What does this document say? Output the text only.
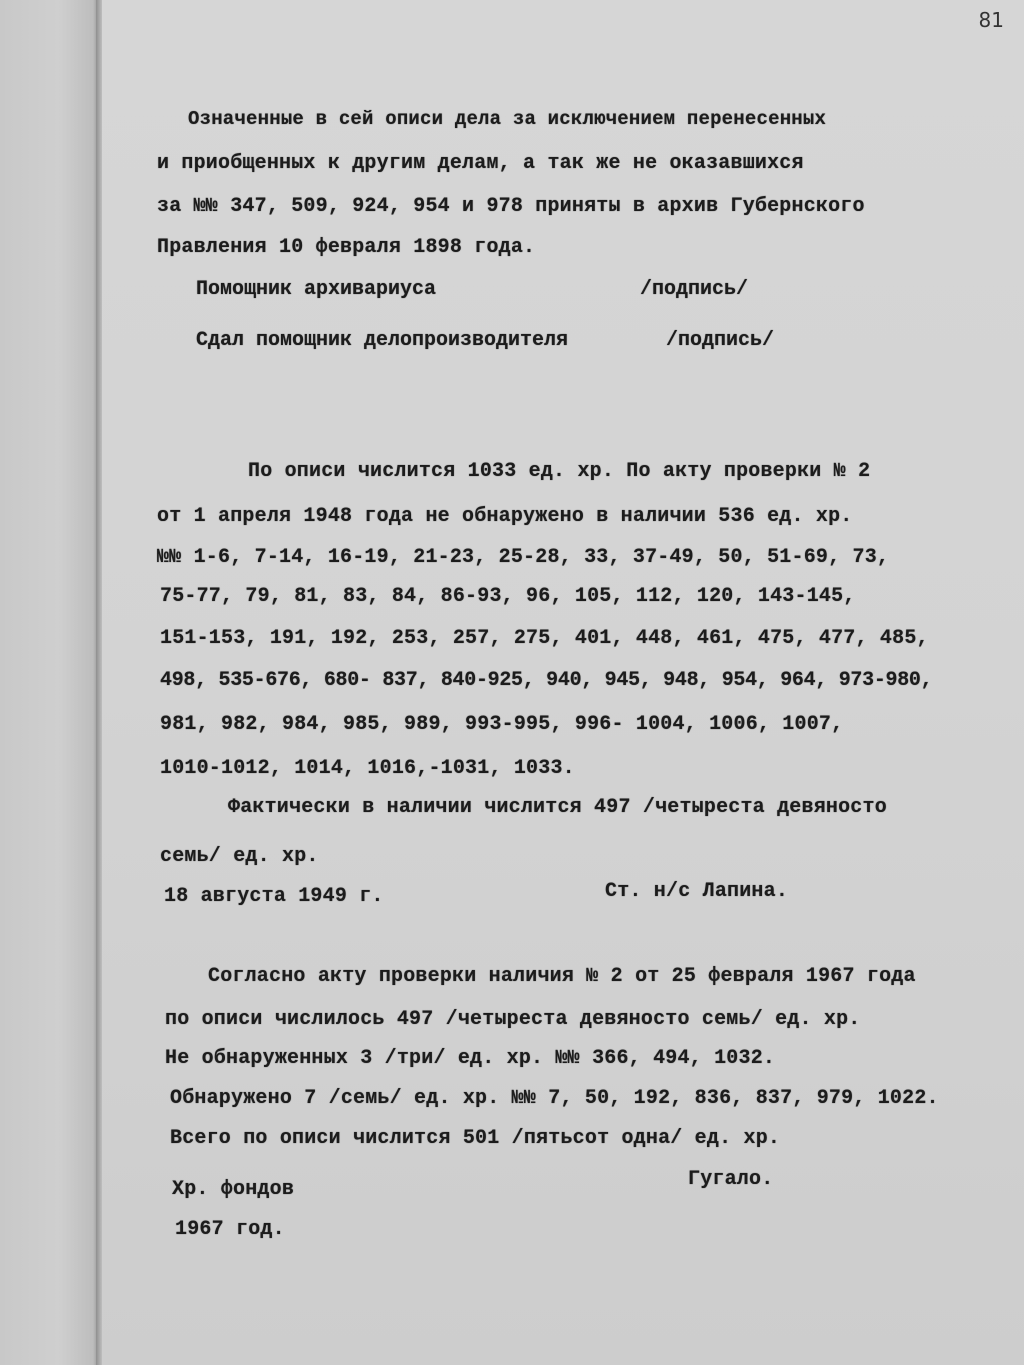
81
Означенные в сей описи дела за исключением перенесенных
и приобщенных к другим делам, а так же не оказавшихся
за №№ 347, 509, 924, 954 и 978 приняты в архив Губернского
Правления 10 февраля 1898 года.
Помощник архивариуса	/подпись/
Сдал помощник делопроизводителя	/подпись/
По описи числится 1033 ед. хр. По акту проверки № 2
от 1 апреля 1948 года не обнаружено в наличии 536 ед. хр.
№№ 1-6, 7-14, 16-19, 21-23, 25-28, 33, 37-49, 50, 51-69, 73,
75-77, 79, 81, 83, 84, 86-93, 96, 105, 112, 120, 143-145,
151-153, 191, 192, 253, 257, 275, 401, 448, 461, 475, 477, 485,
498, 535-676, 680- 837, 840-925, 940, 945, 948, 954, 964, 973-980,
981, 982, 984, 985, 989, 993-995, 996- 1004, 1006, 1007,
1010-1012, 1014, 1016,-1031, 1033.
Фактически в наличии числится 497 /четыреста девяносто
семь/ ед. хр.
18 августа 1949 г.	Ст. н/с Лапина.
Согласно акту проверки наличия № 2 от 25 февраля 1967 года
по описи числилось 497 /четыреста девяносто семь/ ед. хр.
Не обнаруженных 3 /три/ ед. хр. №№ 366, 494, 1032.
Обнаружено 7 /семь/ ед. хр. №№ 7, 50, 192, 836, 837, 979, 1022.
Всего по описи числится 501 /пятьсот одна/ ед. хр.
Гугало.
Хр. фондов
1967 год.
